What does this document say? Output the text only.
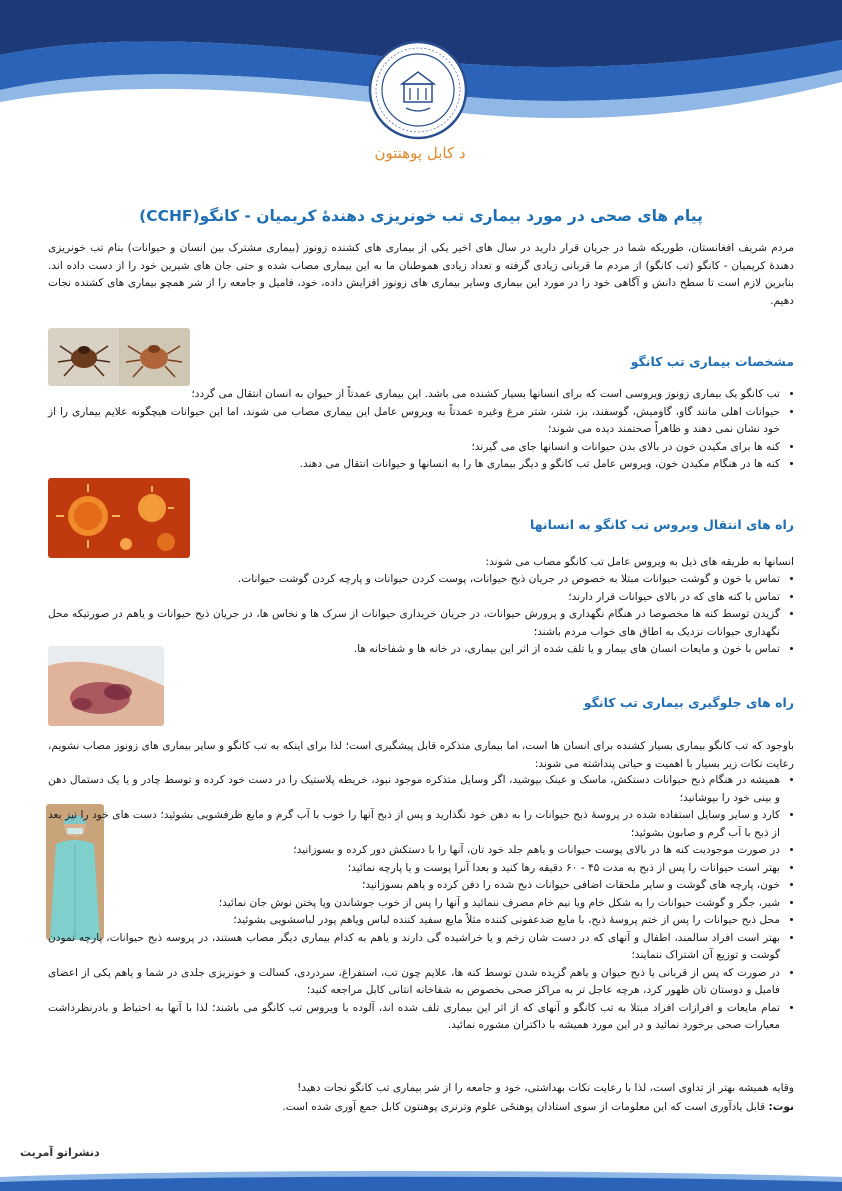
د کابل پوهنتون
پیام های صحی در مورد بیماری تب خونریزی دهندۀ کریمیان - کانگو(CCHF)
مردم شریف افغانستان، طوریکه شما در جریان قرار دارید در سال های اخیر یکی از بیماری های کشنده زونوز (بیماری مشترک بین انسان و حیوانات) بنام تب خونریزی دهندۀ کریمیان - کانگو (تب کانگو) از مردم ما قربانی زیادی گرفته و تعداد زیادی هموطنان ما به این بیماری مصاب شده و حتی جان های شیرین خود را از دست داده اند. بنابرین لازم است تا سطح دانش و آگاهی خود را در مورد این بیماری وسایر بیماری های زونوز افزایش داده، خود، فامیل و جامعه را از شر همچو بیماری های کشنده نجات دهیم.
مشخصات بیماری تب کانگو
• تب کانگو یک بیماری زونوز ویروسی است که برای انسانها بسیار کشنده می باشد. این بیماری عمدتاً از حیوان به انسان انتقال می گردد؛
• حیوانات اهلی مانند گاو، گاومیش، گوسفند، بز، شتر، شتر مرغ وغیره عمدتاً به ویروس عامل این بیماری مصاب می شوند، اما این حیوانات هیچگونه علایم بیماری را از خود نشان نمی دهند و ظاهراً صحتمند دیده می شوند؛
• کنه ها برای مکیدن خون در بالای بدن حیوانات و انسانها جای می گیرند؛
• کنه ها در هنگام مکیدن خون، ویروس عامل تب کانگو و دیگر بیماری ها را به انسانها و حیوانات انتقال می دهند.
راه های انتقال ویروس تب کانگو به انسانها
انسانها به طریقه های ذیل به ویروس عامل تب کانگو مصاب می شوند:
• تماس با خون و گوشت حیوانات مبتلا به خصوص در جریان ذبح حیوانات، پوست کردن حیوانات و پارچه کردن گوشت حیوانات.
• تماس با کنه های که در بالای حیوانات قرار دارند؛
• گزیدن توسط کنه ها مخصوصا در هنگام نگهداری و پرورش حیوانات، در جریان خریداری حیوانات از سرک ها و نخاس ها، در جریان ذبح حیوانات و یاهم در صورتیکه محل نگهداری حیوانات نزدیک به اطاق های خواب مردم باشند؛
• تماس با خون و مایعات انسان های بیمار و یا تلف شده از اثر این بیماری، در خانه ها و شفاخانه ها.
راه های جلوگیری بیماری تب کانگو
باوجود که تب کانگو بیماری بسیار کشنده برای انسان ها است، اما بیماری متذکره قابل پیشگیری است؛ لذا برای اینکه به تب کانگو و سایر بیماری های زونوز مصاب نشویم، رعایت نکات زیر بسیار با اهمیت و حیاتی پنداشته می شوند:
• همیشه در هنگام ذبح حیوانات دستکش، ماسک و عینک بپوشید، اگر وسایل متذکره موجود نبود، خریطه پلاستیک را در دست خود کرده و توسط چادر و یا یک دستمال دهن و بینی خود را بپوشانید؛
• کارد و سایر وسایل استفاده شده در پروسۀ ذبح حیوانات را به دهن خود نگذارید و پس از ذبح آنها را خوب با آب گرم و مایع ظرفشویی بشوئید؛ دست های خود را نیز بعد از ذبح با آب گرم و صابون بشوئید؛
• در صورت موجودیت کنه ها در بالای پوست حیوانات و یاهم جلد خود تان، آنها را با دستکش دور کرده و بسوزانید؛
• بهتر است حیوانات را پس از ذبح به مدت ۴۵ - ۶۰ دقیقه رها کنید و بعدا آنرا پوست و یا پارچه نمائید؛
• خون، پارچه های گوشت و سایر ملحقات اضافی حیوانات ذبح شده را دفن کرده و یاهم بسوزانید؛
• شیر، جگر و گوشت حیوانات را به شکل خام ویا نیم خام مصرف ننمائید و آنها را پس از خوب جوشاندن ویا پختن نوش جان نمائید؛
• محل ذبح حیوانات را پس از ختم پروسۀ ذبح، با مایع ضدعفونی کننده مثلاً مایع سفید کننده لباس ویاهم پودر لباسشویی بشوئید؛
• بهتر است افراد سالمند، اطفال و آنهای که در دست شان زخم و یا خراشیده گی دارند و یاهم به کدام بیماری دیگر مصاب هستند، در پروسه ذبح حیوانات، پارچه نمودن گوشت و توزیع آن اشتراک ننمایند؛
• در صورت که پس از قربانی یا ذبح حیوان و یاهم گزیده شدن توسط کنه ها، علایم چون تب، استفراغ، سردردی، کسالت و خونریزی جلدی در شما و یاهم یکی از اعضای فامیل و دوستان تان ظهور کرد، هرچه عاجل تر به مراکز صحی بخصوص به شفاخانه انتانی کابل مراجعه کنید؛
• تمام مایعات و افرازات افراد مبتلا به تب کانگو و آنهای که از اثر این بیماری تلف شده اند، آلوده با ویروس تب کانگو می باشند؛ لذا با آنها به احتیاط و بادرنظرداشت معیارات صحی برخورد نمائید و در این مورد همیشه با داکتران مشوره نمائید.
وقایه همیشه بهتر از تداوی است، لذا با رعایت نکات بهداشتی، خود و جامعه را از شر بیماری تب کانگو نجات دهید!
نوت: قابل یادآوری است که این معلومات از سوی استادان پوهنځی علوم وترنری پوهنتون کابل جمع آوری شده است.
دنشراتو آمریت
